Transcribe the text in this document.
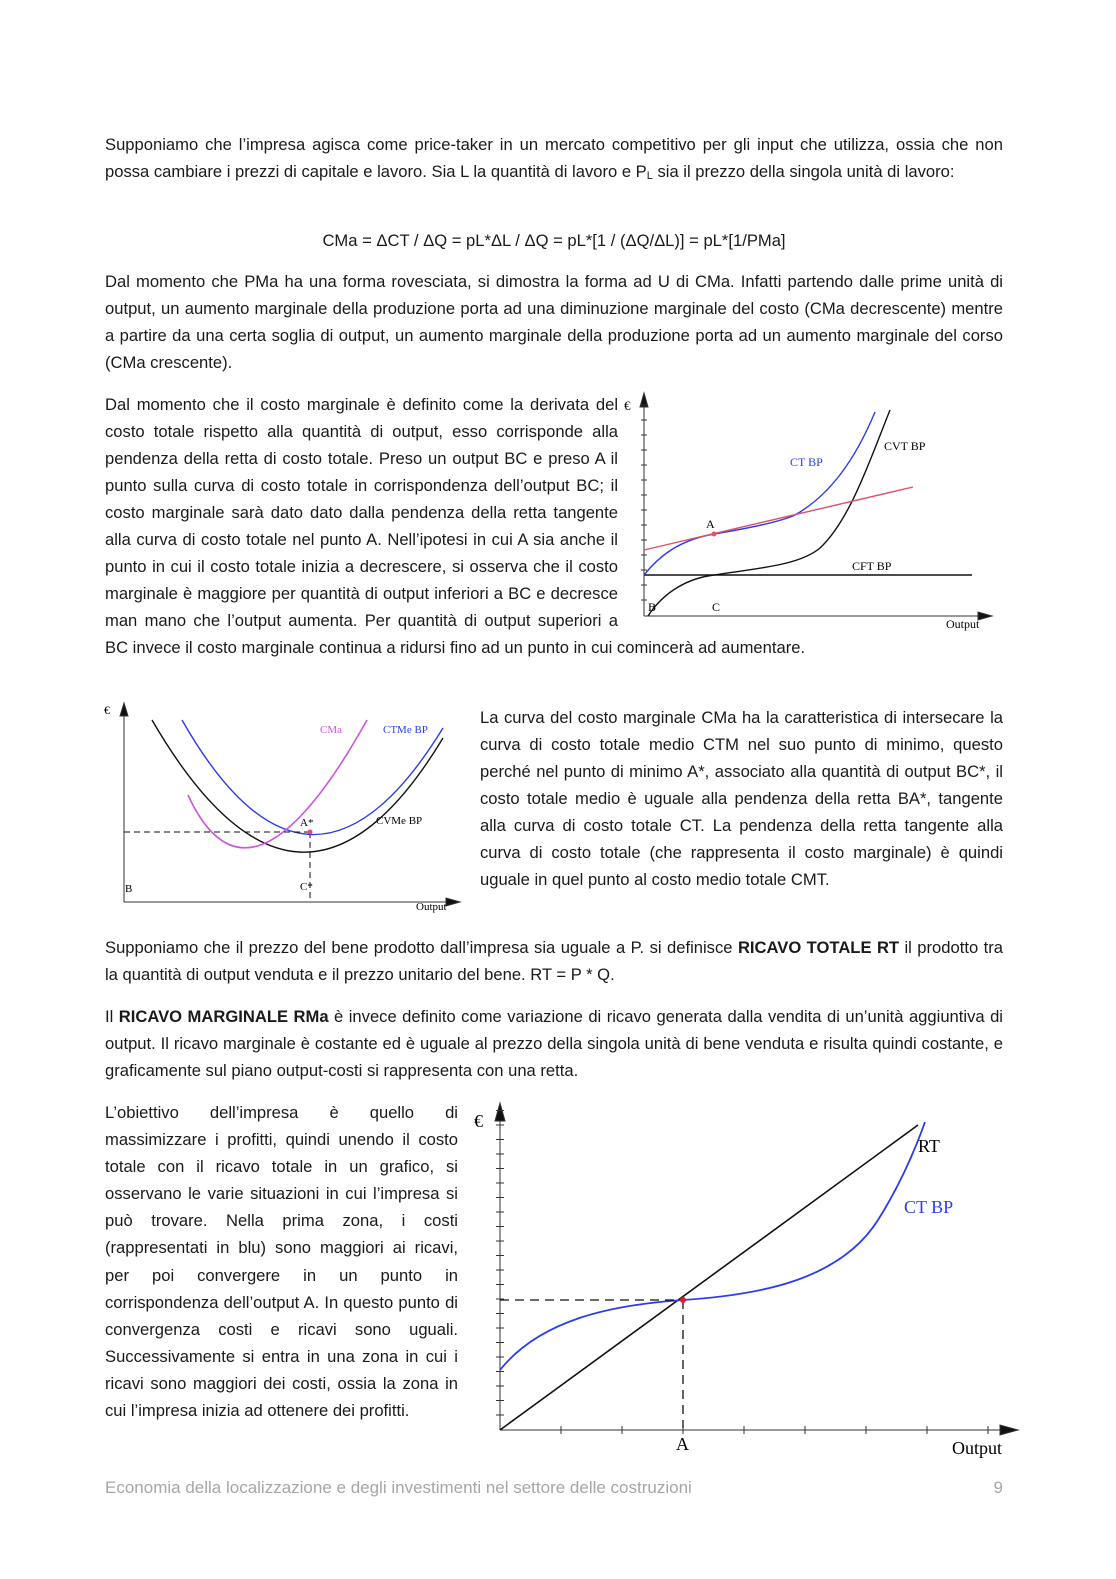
Supponiamo che l’impresa agisca come price-taker in un mercato competitivo per gli input che utilizza, ossia che non possa cambiare i prezzi di capitale e lavoro. Sia L la quantità di lavoro e $P_L$ sia il prezzo della singola unità di lavoro:

CMa = ΔCT / ΔQ = pL*ΔL / ΔQ = pL*[1 / (ΔQ/ΔL)] = pL*[1/PMa]

Dal momento che PMa ha una forma rovesciata, si dimostra la forma ad U di CMa. Infatti partendo dalle prime unità di output, un aumento marginale della produzione porta ad una diminuzione marginale del costo (CMa decrescente) mentre a partire da una certa soglia di output, un aumento marginale della produzione porta ad un aumento marginale del corso (CMa crescente).

Dal momento che il costo marginale è definito come la derivata del costo totale rispetto alla quantità di output, esso corrisponde alla pendenza della retta di costo totale. Preso un output BC e preso A il punto sulla curva di costo totale in corrispondenza dell’output BC; il costo marginale sarà dato dato dalla pendenza della retta tangente alla curva di costo totale nel punto A. Nell’ipotesi in cui A sia anche il punto in cui il costo totale inizia a decrescere, si osserva che il costo marginale è maggiore per quantità di output inferiori a BC e decresce man mano che l’output aumenta. Per quantità di output superiori a BC invece il costo marginale continua a ridursi fino ad un punto in cui comincerà ad aumentare.
€
CT BP
CVT BP
CFT BP
A
B	C
Output
La curva del costo marginale CMa ha la caratteristica di intersecare la curva di costo totale medio CTM nel suo punto di minimo, questo perché nel punto di minimo A*, associato alla quantità di output BC*, il costo totale medio è uguale alla pendenza della retta BA*, tangente alla curva di costo totale CT. La pendenza della retta tangente alla curva di costo totale (che rappresenta il costo marginale) è quindi uguale in quel punto al costo medio totale CMT.
€
CMa	CTMe BP
CVMe BP
A*
B	C*
Output

Supponiamo che il prezzo del bene prodotto dall’impresa sia uguale a P. si definisce RICAVO TOTALE RT il prodotto tra la quantità di output venduta e il prezzo unitario del bene. RT = P * Q.

Il RICAVO MARGINALE RMa è invece definito come variazione di ricavo generata dalla vendita di un’unità aggiuntiva di output. Il ricavo marginale è costante ed è uguale al prezzo della singola unità di bene venduta e risulta quindi costante, e graficamente sul piano output-costi si rappresenta con una retta.

L’obiettivo dell’impresa è quello di massimizzare i profitti, quindi unendo il costo totale con il ricavo totale in un grafico, si osservano le varie situazioni in cui l’impresa si può trovare. Nella prima zona, i costi (rappresentati in blu) sono maggiori ai ricavi, per poi convergere in un punto in corrispondenza dell’output A. In questo punto di convergenza costi e ricavi sono uguali. Successivamente si entra in una zona in cui i ricavi sono maggiori dei costi, ossia la zona in cui l’impresa inizia ad ottenere dei profitti.

€
RT
CT BP
A	Output
Economia della localizzazione e degli investimenti nel settore delle costruzioni	9
